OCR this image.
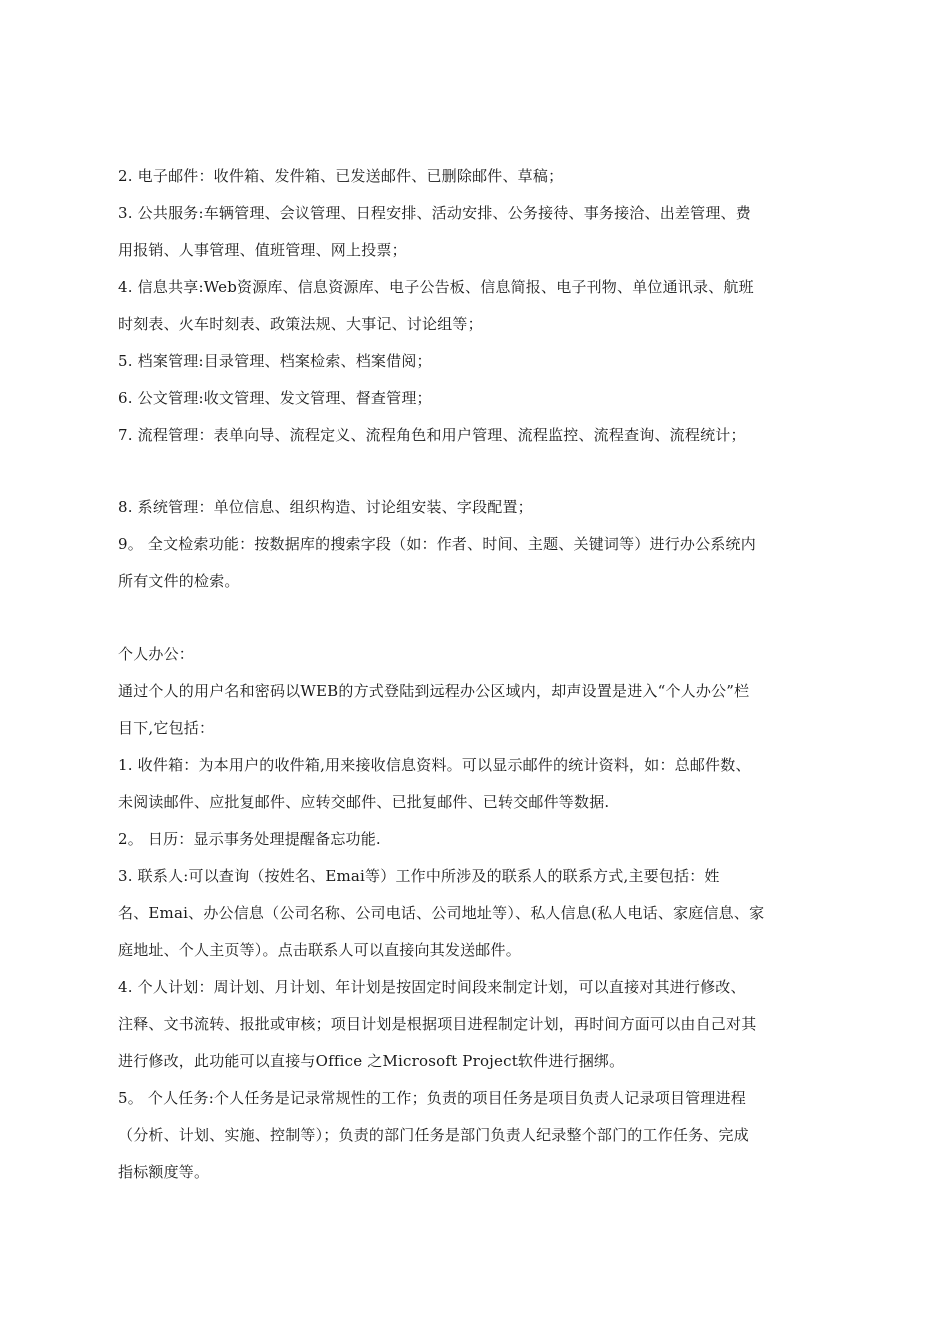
2. 电子邮件：收件箱、发件箱、已发送邮件、已删除邮件、草稿；
3. 公共服务:车辆管理、会议管理、日程安排、活动安排、公务接待、事务接洽、出差管理、费
用报销、人事管理、值班管理、网上投票；
4. 信息共享:Web资源库、信息资源库、电子公告板、信息简报、电子刊物、单位通讯录、航班
时刻表、火车时刻表、政策法规、大事记、讨论组等；
5. 档案管理:目录管理、档案检索、档案借阅；
6. 公文管理:收文管理、发文管理、督查管理；
7. 流程管理：表单向导、流程定义、流程角色和用户管理、流程监控、流程查询、流程统计；
8. 系统管理：单位信息、组织构造、讨论组安装、字段配置；
9。 全文检索功能：按数据库的搜索字段（如：作者、时间、主题、关键词等）进行办公系统内
所有文件的检索。
个人办公：
通过个人的用户名和密码以WEB的方式登陆到远程办公区域内，却声设置是进入“个人办公”栏
目下,它包括：
1. 收件箱：为本用户的收件箱,用来接收信息资料。可以显示邮件的统计资料，如：总邮件数、
未阅读邮件、应批复邮件、应转交邮件、已批复邮件、已转交邮件等数据.
2。 日历：显示事务处理提醒备忘功能.
3. 联系人:可以查询（按姓名、Emai等）工作中所涉及的联系人的联系方式,主要包括：姓
名、Emai、办公信息（公司名称、公司电话、公司地址等）、私人信息(私人电话、家庭信息、家
庭地址、个人主页等）。点击联系人可以直接向其发送邮件。
4. 个人计划：周计划、月计划、年计划是按固定时间段来制定计划，可以直接对其进行修改、
注释、文书流转、报批或审核；项目计划是根据项目进程制定计划，再时间方面可以由自己对其
进行修改，此功能可以直接与Office 之Microsoft Project软件进行捆绑。
5。 个人任务:个人任务是记录常规性的工作；负责的项目任务是项目负责人记录项目管理进程
（分析、计划、实施、控制等）；负责的部门任务是部门负责人纪录整个部门的工作任务、完成
指标额度等。
